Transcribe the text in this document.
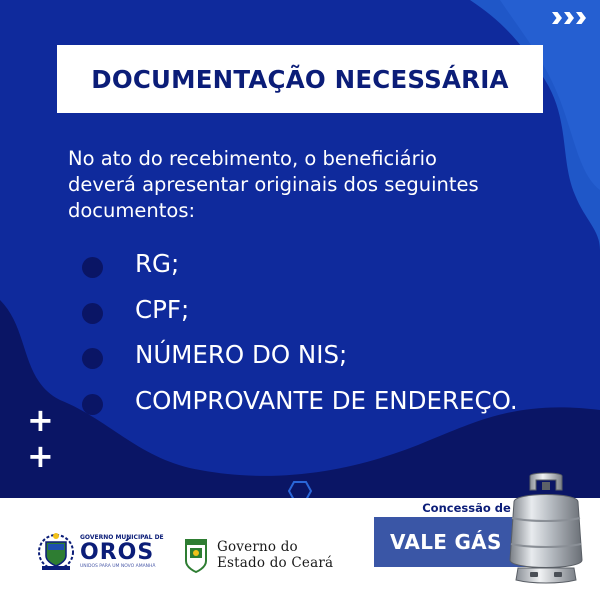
DOCUMENTAÇÃO NECESSÁRIA

No ato do recebimento, o beneficiário
deverá apresentar originais dos seguintes
documentos:

RG;
CPF;
NÚMERO DO NIS;
COMPROVANTE DE ENDEREÇO.
+
+
GOVERNO MUNICIPAL DE
ORÓS
UNIDOS PARA UM NOVO AMANHÃ
Governo do
Estado do Ceará
Concessão de
VALE GÁS
